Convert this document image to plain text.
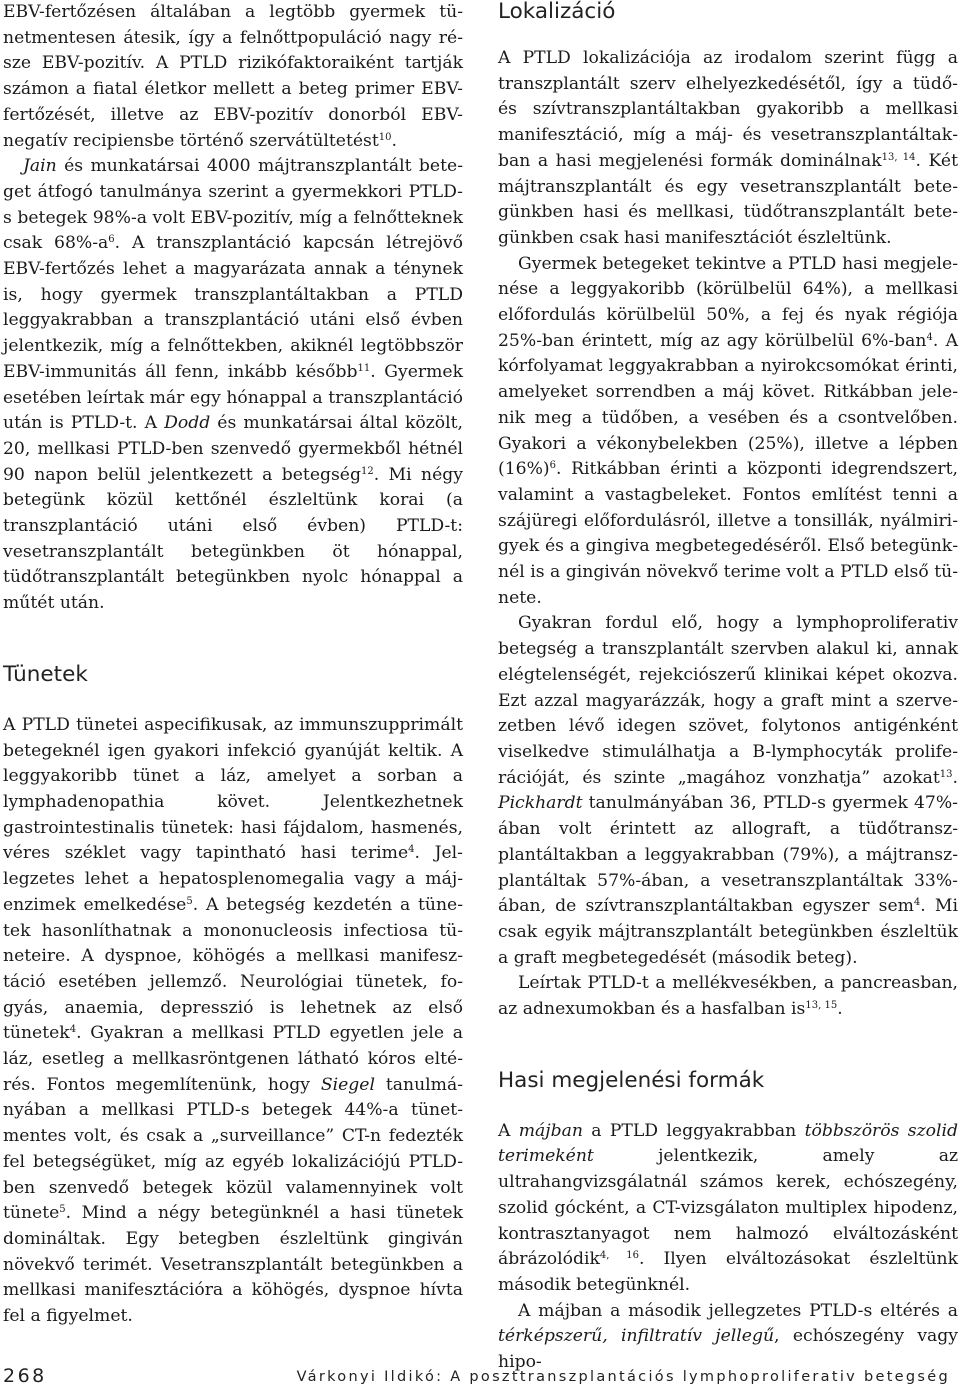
EBV-fertőzésen általában a legtöbb gyermek tünetmentesen átesik, így a felnőttpopuláció nagy része EBV-pozitív. A PTLD rizikófaktoraiként tartják számon a fiatal életkor mellett a beteg primer EBV-fertőzését, illetve az EBV-pozitív donorból EBV-negatív recipiensbe történő szervátültetést$^{10}$.

Jain és munkatársai 4000 májtranszplantált beteget átfogó tanulmánya szerint a gyermekkori PTLD-s betegek 98%-a volt EBV-pozitív, míg a felnőtteknek csak $68\%-a^6$. A transzplantáció kapcsán létrejövő EBV-fertőzés lehet a magyarázata annak a ténynek is, hogy gyermek transzplantáltakban a PTLD leggyakrabban a transzplantáció utáni első évben jelentkezik, míg a felnőttekben, akiknél legtöbbször EBV-immunitás áll fenn, inkább később$^{11}$. Gyermek esetében leírtak már egy hónappal a transzplantáció után is PTLD-t. A Dodd és munkatársai által közölt, 20, mellkasi PTLD-ben szenvedő gyermekből hétnél 90 napon belül jelentkezett a betegség$^{12}$. Mi négy betegünk közül kettőnél észleltünk korai (a transzplantáció utáni első évben) PTLD-t: vesetranszplantált betegünkben öt hónappal, tüdőtranszplantált betegünkben nyolc hónappal a műtét után.

Tünetek

A PTLD tünetei aspecifikusak, az immunszupprimált betegeknél igen gyakori infekció gyanúját keltik. A leggyakoribb tünet a láz, amelyet a sorban a lymphadenopathia követ. Jelentkezhetnek gastrointestinalis tünetek: hasi fájdalom, hasmenés, véres széklet vagy tapintható hasi terime$^4$. Jellegzetes lehet a hepatosplenomegalia vagy a májenzimek emelkedése$^5$. A betegség kezdetén a tünetek hasonlíthatnak a mononucleosis infectiosa tüneteire. A dyspnoe, köhögés a mellkasi manifesztáció esetében jellemző. Neurológiai tünetek, fogyás, anaemia, depresszió is lehetnek az első tünetek$^4$. Gyakran a mellkasi PTLD egyetlen jele a láz, esetleg a mellkasröntgenen látható kóros eltérés. Fontos megemlítenünk, hogy Siegel tanulmányában a mellkasi PTLD-s betegek 44%-a tünetmentes volt, és csak a „surveillance” CT-n fedezték fel betegségüket, míg az egyéb lokalizációjú PTLD-ben szenvedő betegek közül valamennyinek volt tünete$^5$. Mind a négy betegünknél a hasi tünetek domináltak. Egy betegben észleltünk gingiván növekvő terimét. Vesetranszplantált betegünkben a mellkasi manifesztációra a köhögés, dyspnoe hívta fel a figyelmet.

Lokalizáció

A PTLD lokalizációja az irodalom szerint függ a transzplantált szerv elhelyezkedésétől, így a tüdő- és szívtranszplantáltakban gyakoribb a mellkasi manifesztáció, míg a máj- és vesetranszplantáltakban a hasi megjelenési formák dominálnak$^{13, 14}$. Két májtranszplantált és egy vesetranszplantált betegünkben hasi és mellkasi, tüdőtranszplantált betegünkben csak hasi manifesztációt észleltünk.

Gyermek betegeket tekintve a PTLD hasi megjelenése a leggyakoribb (körülbelül 64%), a mellkasi előfordulás körülbelül 50%, a fej és nyak régiója 25%-ban érintett, míg az agy körülbelül 6%-ban$^4$. A kórfolyamat leggyakrabban a nyirokcsomókat érinti, amelyeket sorrendben a máj követ. Ritkábban jelenik meg a tüdőben, a vesében és a csontvelőben. Gyakori a vékonybelekben (25%), illetve a lépben $(16\%)^6$. Ritkábban érinti a központi idegrendszert, valamint a vastagbeleket. Fontos említést tenni a szájüregi előfordulásról, illetve a tonsillák, nyálmirigyek és a gingiva megbetegedéséről. Első betegünknél is a gingiván növekvő terime volt a PTLD első tünete.

Gyakran fordul elő, hogy a lymphoproliferativ betegség a transzplantált szervben alakul ki, annak elégtelenségét, rejekciószerű klinikai képet okozva. Ezt azzal magyarázzák, hogy a graft mint a szervezetben lévő idegen szövet, folytonos antigénként viselkedve stimulálhatja a B-lymphocyták proliferációját, és szinte „magához vonzhatja” azokat$^{13}$. Pickhardt tanulmányában 36, PTLD-s gyermek 47%-ában volt érintett az allograft, a tüdőtranszplantáltakban a leggyakrabban (79%), a májtranszplantáltak 57%-ában, a vesetranszplantáltak 33%-ában, de szívtranszplantáltakban egyszer sem$^4$. Mi csak egyik májtranszplantált betegünkben észleltük a graft megbetegedését (második beteg).

Leírtak PTLD-t a mellékvesékben, a pancreasban, az adnexumokban és a hasfalban is$^{13, 15}$.

Hasi megjelenési formák

A májban a PTLD leggyakrabban többszörös szolid terimeként jelentkezik, amely az ultrahangvizsgálatnál számos kerek, echószegény, szolid gócként, a CT-vizsgálaton multiplex hipodenz, kontrasztanyagot nem halmozó elváltozásként ábrázolódik$^{4, 16}$. Ilyen elváltozásokat észleltünk második betegünknél.

A májban a második jellegzetes PTLD-s eltérés a térképszerű, infiltratív jellegű, echószegény vagy hipo-

268	Várkonyi Ildikó: A poszttranszplantációs lymphoproliferativ betegség
